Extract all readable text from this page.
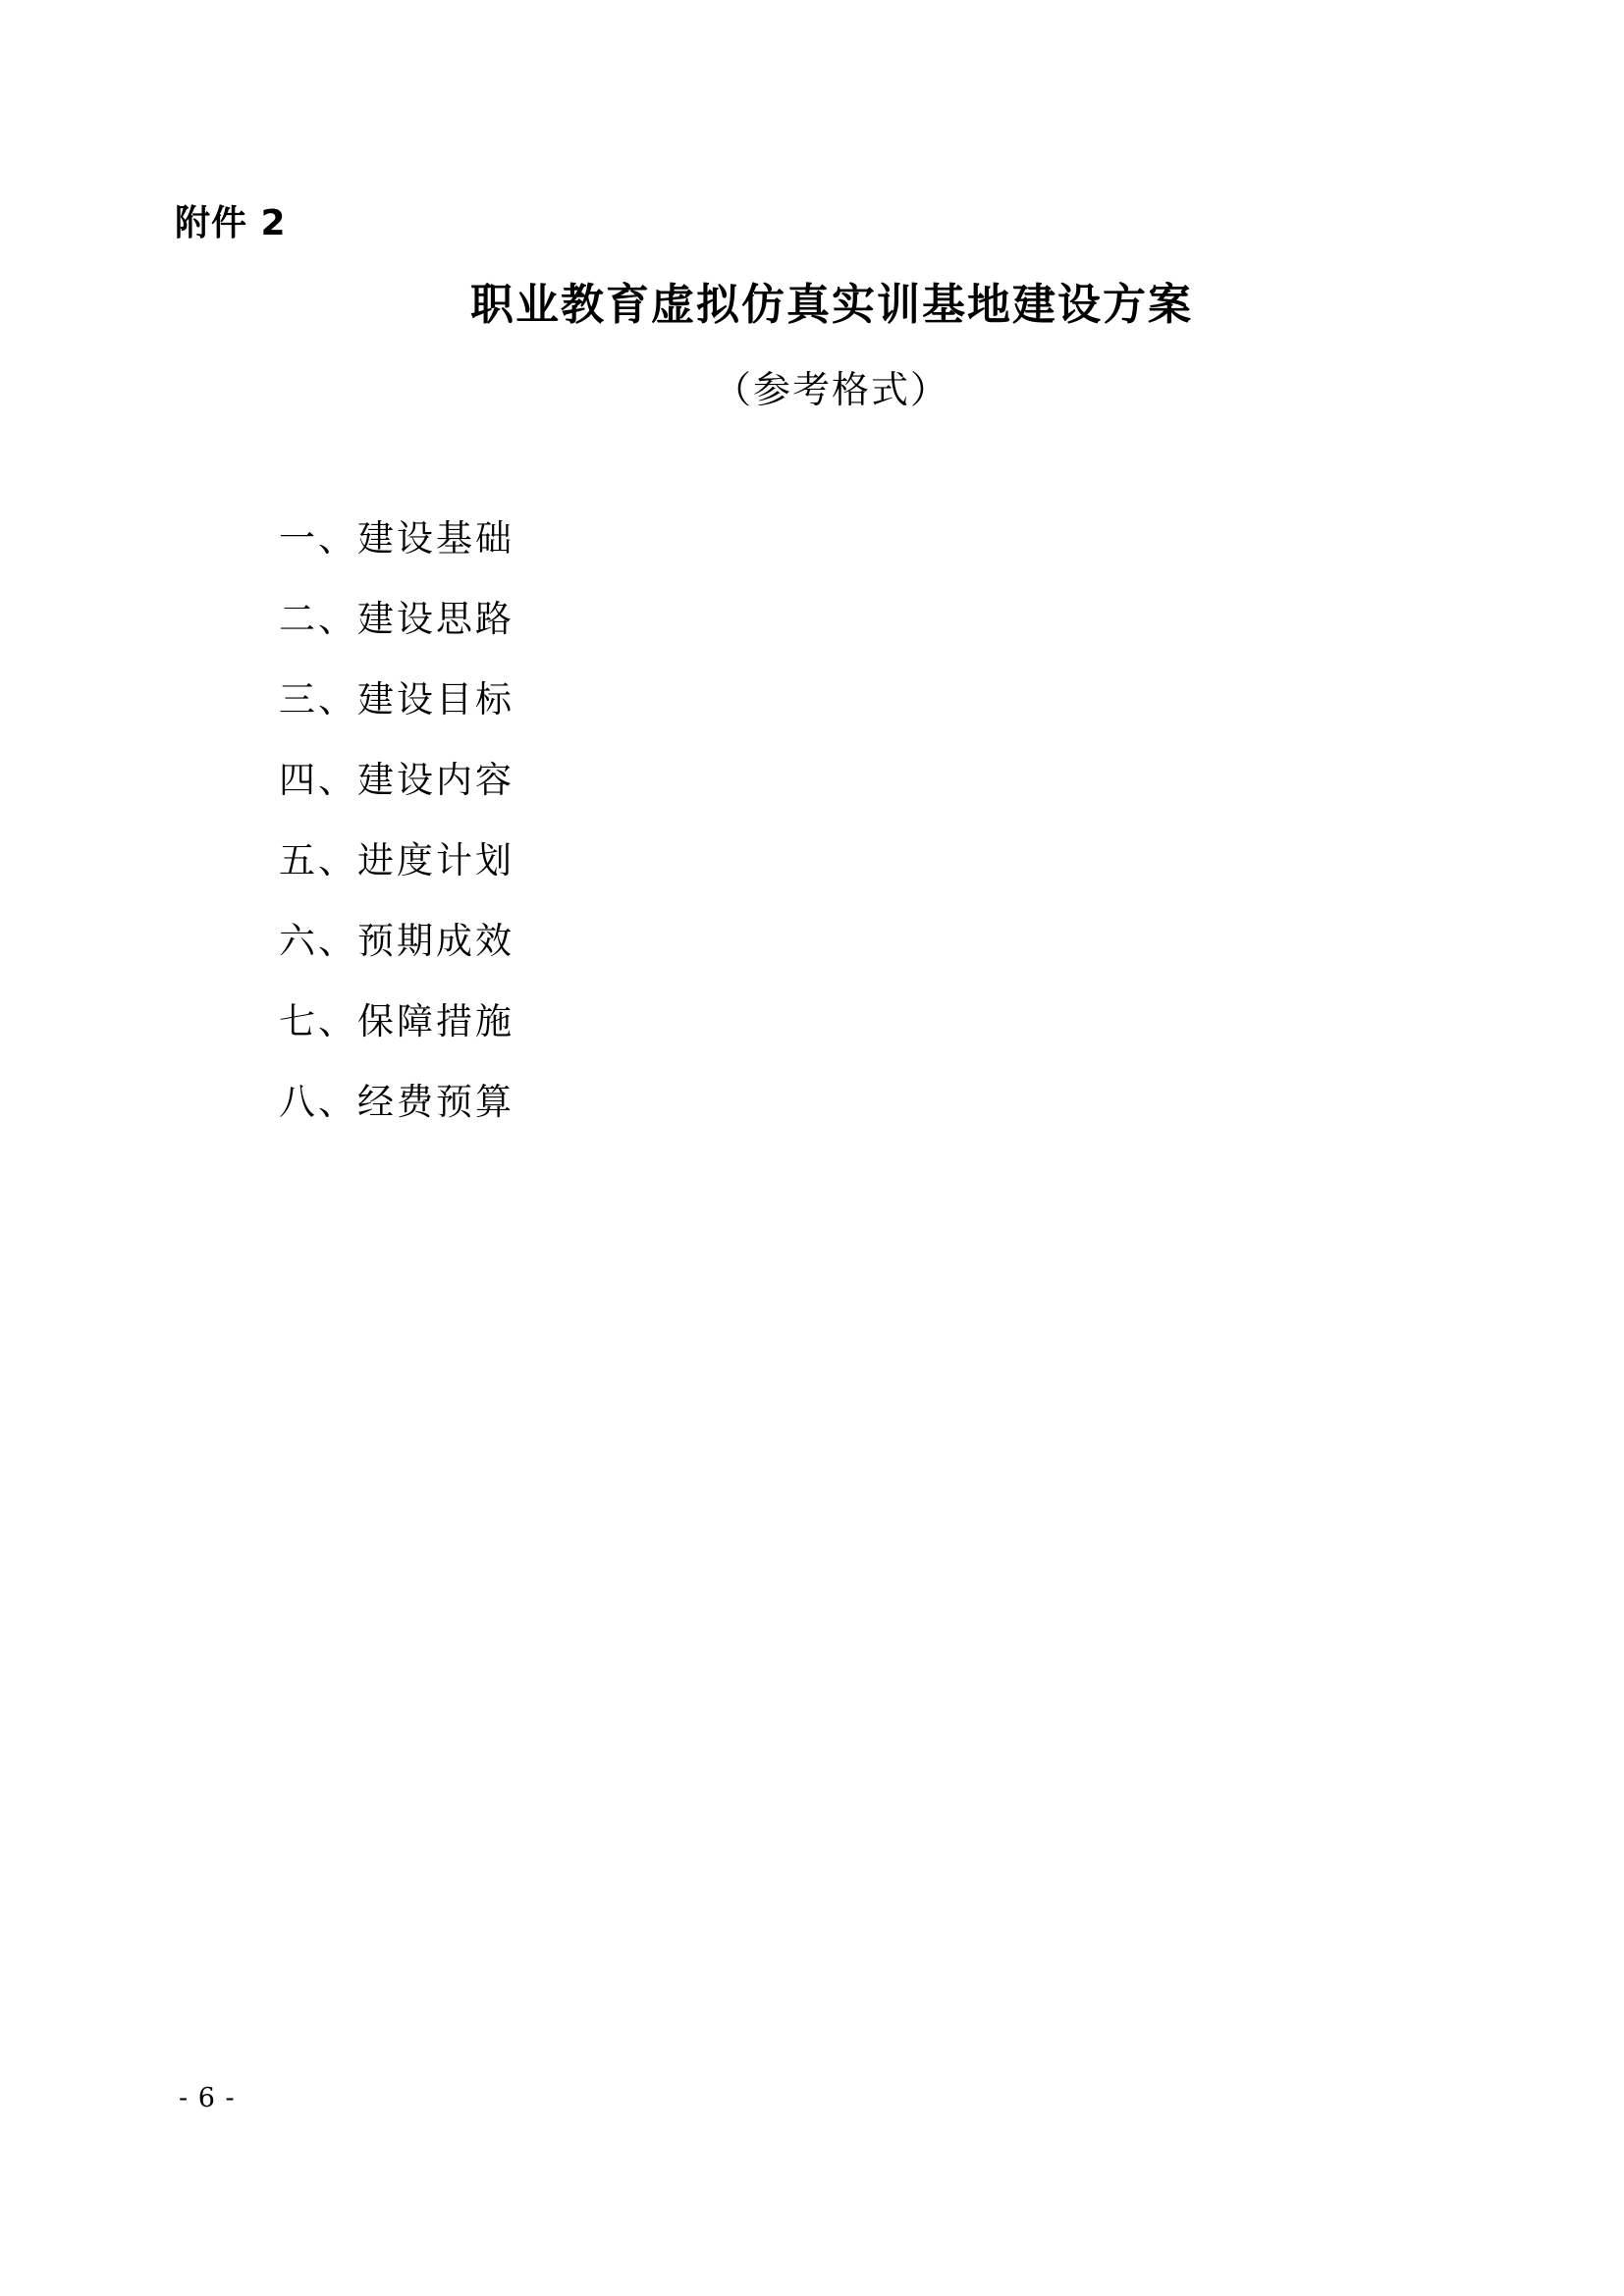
附件 2
职业教育虚拟仿真实训基地建设方案
（参考格式）
一、建设基础
二、建设思路
三、建设目标
四、建设内容
五、进度计划
六、预期成效
七、保障措施
八、经费预算
- 6 -
